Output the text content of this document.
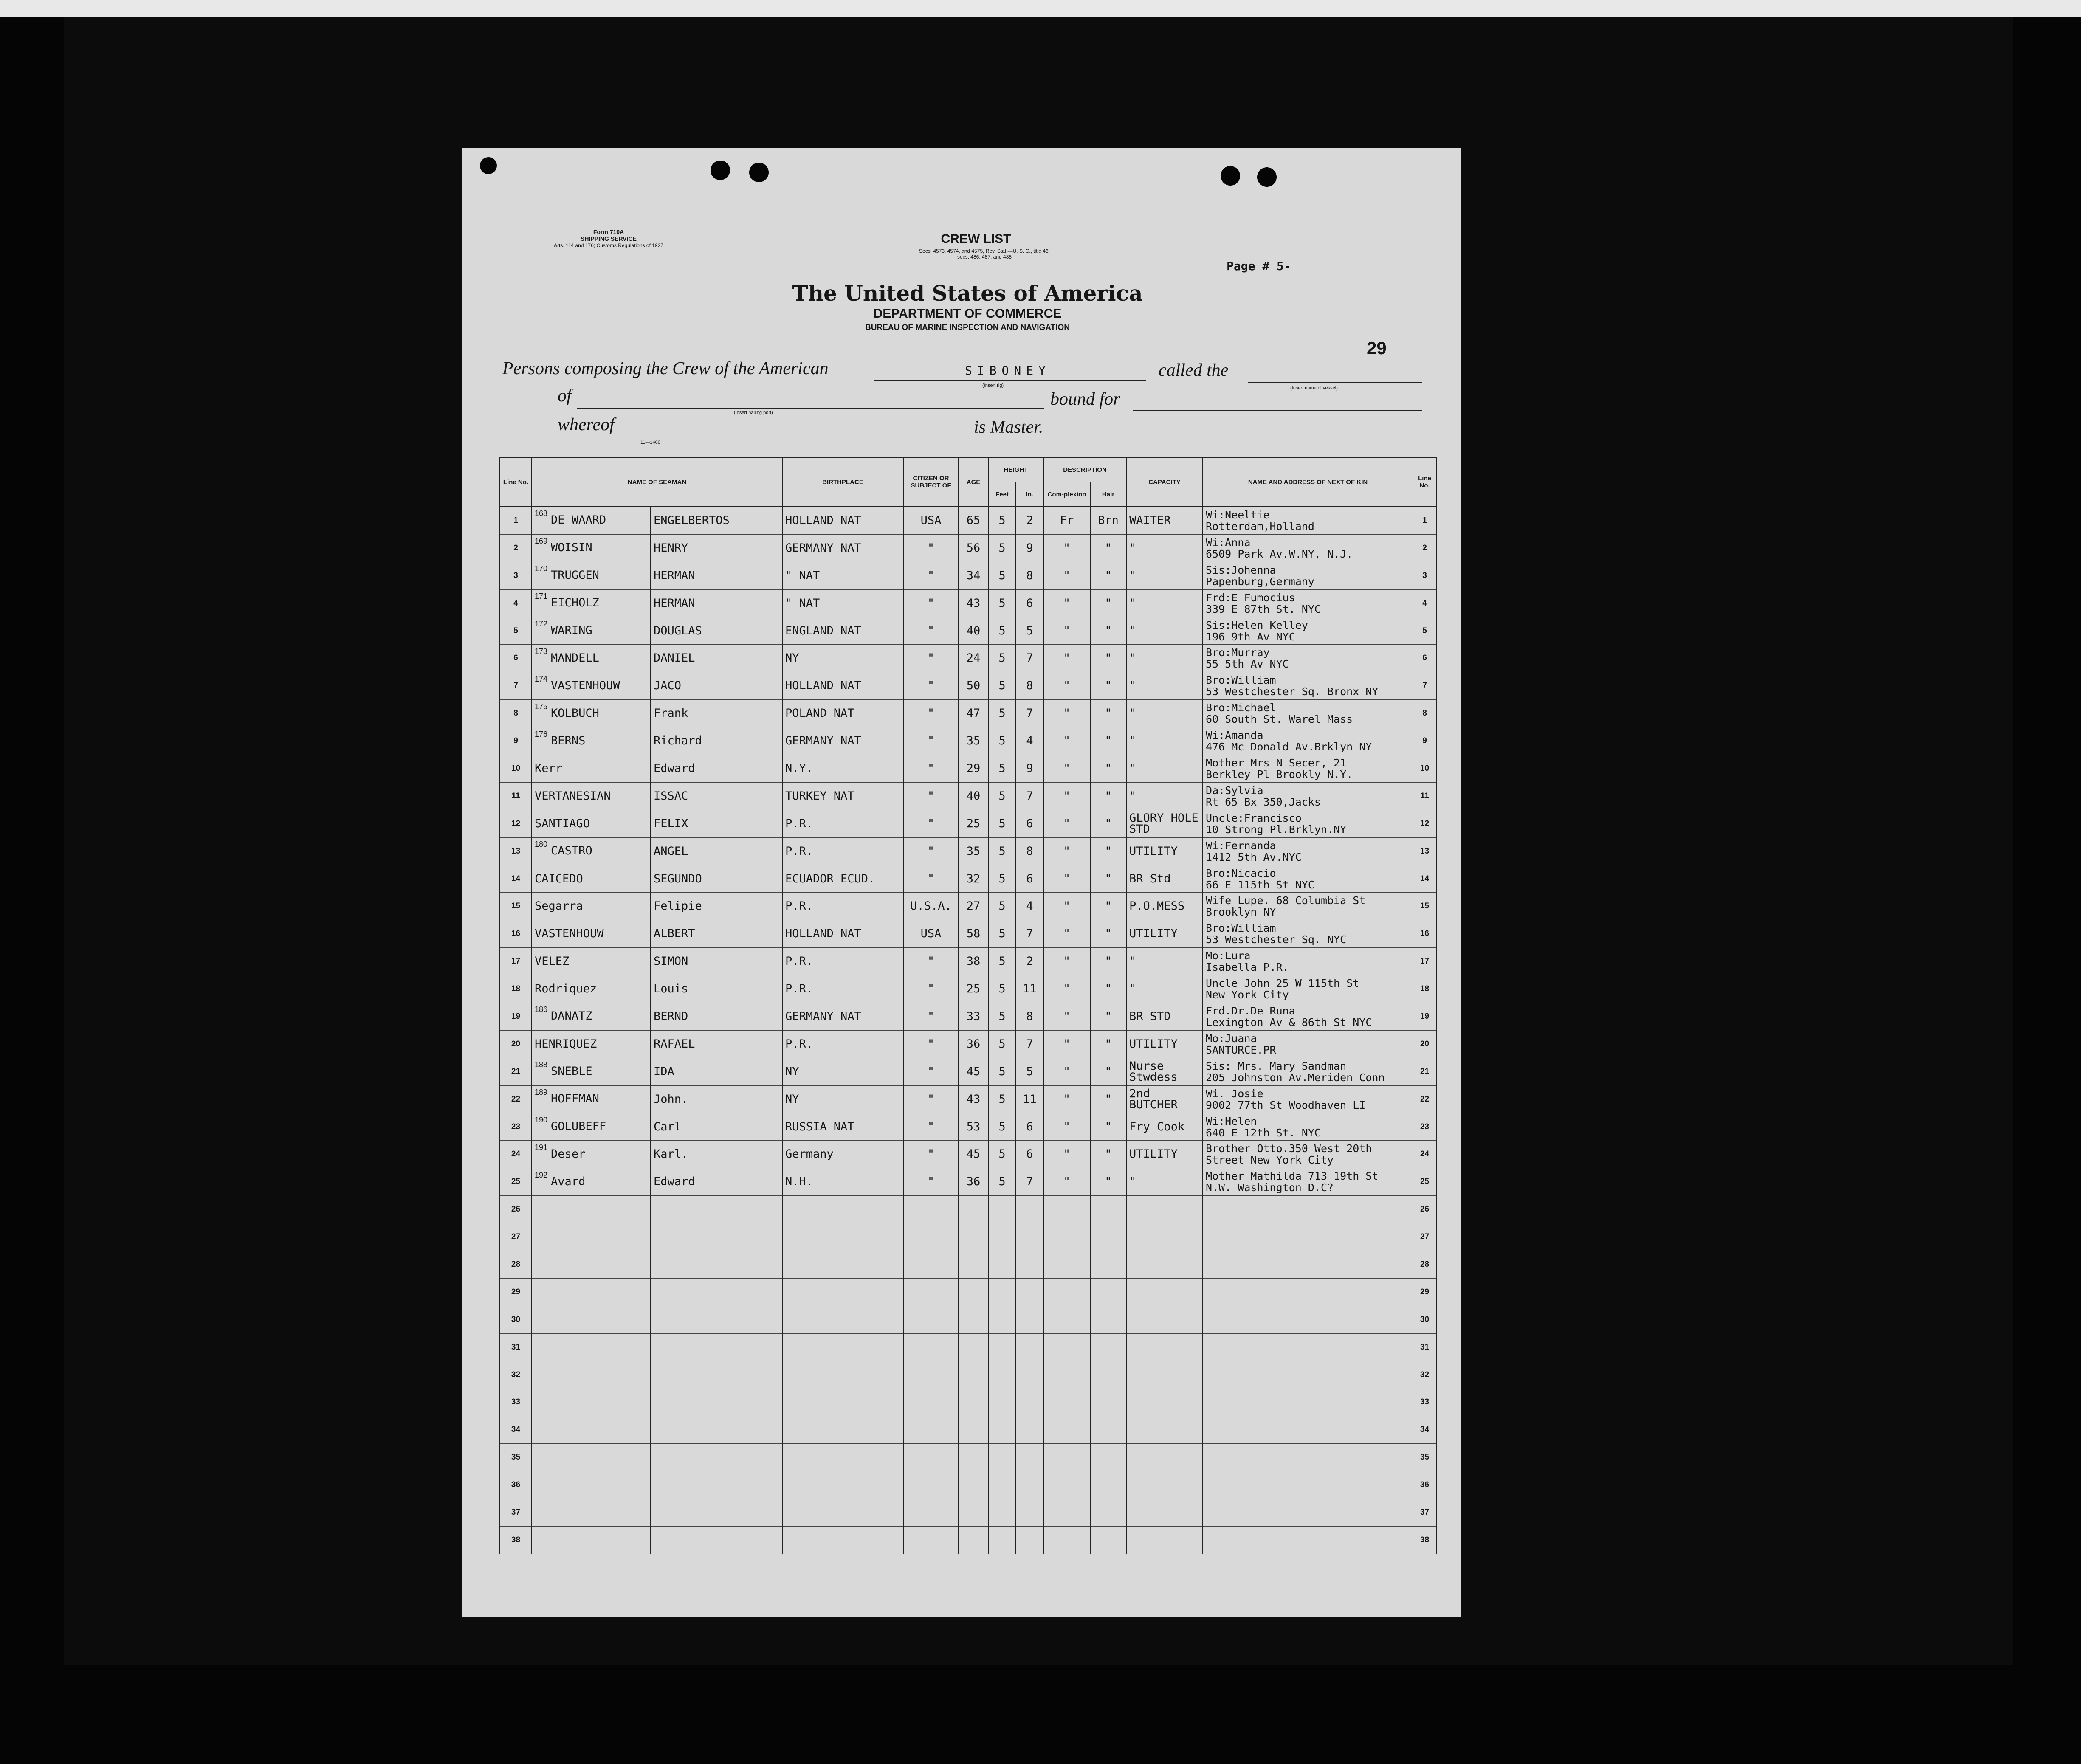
Form 710A
SHIPPING SERVICE
Arts. 114 and 176; Customs Regulations of 1927	CREW LIST
Secs. 4573, 4574, and 4575, Rev. Stat.—U. S. C., title 46,
secs. 486, 487, and 488
Page # 5-
The United States of America
DEPARTMENT OF COMMERCE
BUREAU OF MARINE INSPECTION AND NAVIGATION
29
Persons composing the Crew of the American	SIBONEY
(Insert rig)
called the
(Insert name of vessel)
of
(Insert hailing port)
bound for
whereof
11—1408
is Master.
Line No.	NAME OF SEAMAN		BIRTHPLACE	CITIZEN OR SUBJECT OF	AGE	HEIGHT		DESCRIPTION		CAPACITY	NAME AND ADDRESS OF NEXT OF KIN	Line No.
						Feet	In.	Com-plexion	Hair			
1	$^{168}$ DE WAARD	ENGELBERTOS	HOLLAND NAT	USA	65	5	2	Fr	Brn	WAITER	Wi:Neeltie
Rotterdam,Holland	1
2	$^{169}$ WOISIN	HENRY	GERMANY NAT	"	56	5	9	"	"	"	Wi:Anna
6509 Park Av.W.NY, N.J.	2
3	$^{170}$ TRUGGEN	HERMAN	" NAT	"	34	5	8	"	"	"	Sis:Johenna
Papenburg,Germany	3
4	$^{171}$ EICHOLZ	HERMAN	" NAT	"	43	5	6	"	"	"	Frd:E Fumocius
339 E 87th St. NYC	4
5	$^{172}$ WARING	DOUGLAS	ENGLAND NAT	"	40	5	5	"	"	"	Sis:Helen Kelley
196 9th Av NYC	5
6	$^{173}$ MANDELL	DANIEL	NY	"	24	5	7	"	"	"	Bro:Murray
55 5th Av NYC	6
7	$^{174}$ VASTENHOUW	JACO	HOLLAND NAT	"	50	5	8	"	"	"	Bro:William
53 Westchester Sq. Bronx NY	7
8	$^{175}$ KOLBUCH	Frank	POLAND NAT	"	47	5	7	"	"	"	Bro:Michael
60 South St. Warel Mass	8
9	$^{176}$ BERNS	Richard	GERMANY NAT	"	35	5	4	"	"	"	Wi:Amanda
476 Mc Donald Av.Brklyn NY	9
10	Kerr	Edward	N.Y.	"	29	5	9	"	"	"	Mother Mrs N Secer, 21
Berkley Pl Brookly N.Y.	10
11	VERTANESIAN	ISSAC	TURKEY NAT	"	40	5	7	"	"	"	Da:Sylvia
Rt 65 Bx 350,Jacks	11
12	SANTIAGO	FELIX	P.R.	"	25	5	6	"	"	GLORY HOLE STD	Uncle:Francisco
10 Strong Pl.Brklyn.NY	12
13	$^{180}$ CASTRO	ANGEL	P.R.	"	35	5	8	"	"	UTILITY	Wi:Fernanda
1412 5th Av.NYC	13
14	CAICEDO	SEGUNDO	ECUADOR ECUD.	"	32	5	6	"	"	BR Std	Bro:Nicacio
66 E 115th St NYC	14
15	Segarra	Felipie	P.R.	U.S.A.	27	5	4	"	"	P.O.MESS	Wife Lupe. 68 Columbia St
Brooklyn NY	15
16	VASTENHOUW	ALBERT	HOLLAND NAT	USA	58	5	7	"	"	UTILITY	Bro:William
53 Westchester Sq. NYC	16
17	VELEZ	SIMON	P.R.	"	38	5	2	"	"	"	Mo:Lura
Isabella P.R.	17
18	Rodriquez	Louis	P.R.	"	25	5	11	"	"	"	Uncle John 25 W 115th St
New York City	18
19	$^{186}$ DANATZ	BERND	GERMANY NAT	"	33	5	8	"	"	BR STD	Frd.Dr.De Runa
Lexington Av & 86th St NYC	19
20	HENRIQUEZ	RAFAEL	P.R.	"	36	5	7	"	"	UTILITY	Mo:Juana
SANTURCE.PR	20
21	$^{188}$ SNEBLE	IDA	NY	"	45	5	5	"	"	Nurse Stwdess	Sis: Mrs. Mary Sandman
205 Johnston Av.Meriden Conn	21
22	$^{189}$ HOFFMAN	John.	NY	"	43	5	11	"	"	2nd BUTCHER	Wi. Josie
9002 77th St Woodhaven LI	22
23	$^{190}$ GOLUBEFF	Carl	RUSSIA NAT	"	53	5	6	"	"	Fry Cook	Wi:Helen
640 E 12th St. NYC	23
24	$^{191}$ Deser	Karl.	Germany	"	45	5	6	"	"	UTILITY	Brother Otto.350 West 20th
Street New York City	24
25	$^{192}$ Avard	Edward	N.H.	"	36	5	7	"	"	"	Mother Mathilda 713 19th St
N.W. Washington D.C?	25
26												26
27												27
28												28
29												29
30												30
31												31
32												32
33												33
34												34
35												35
36												36
37												37
38												38
